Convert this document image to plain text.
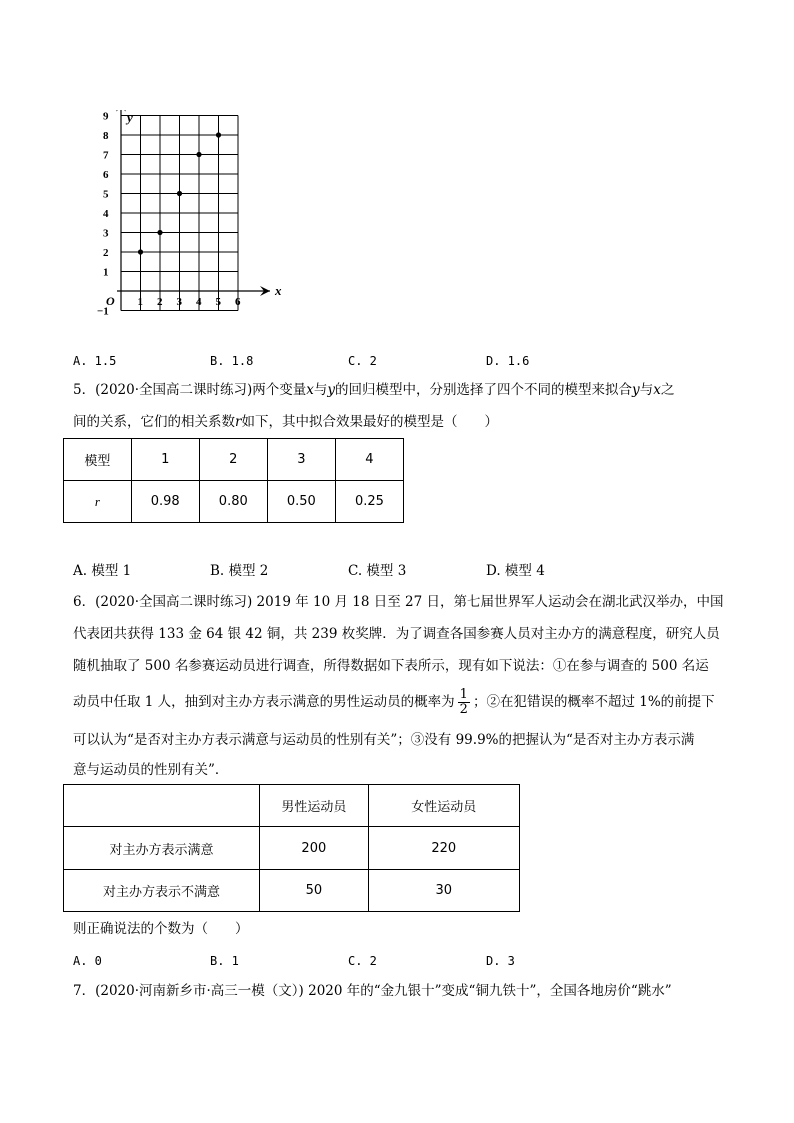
1 2 3 4 5 6
−1
1
2
3
4
5
6
7
8
9
x
y
O
A. 1.5	B. 1.8	C. 2	D. 1.6
5．(2020·全国高二课时练习)两个变量x与y的回归模型中，分别选择了四个不同的模型来拟合y与x之
间的关系，它们的相关系数r如下，其中拟合效果最好的模型是（　　）
模型	1	2	3	4
r	0.98	0.80	0.50	0.25
A. 模型 1	B. 模型 2	C. 模型 3	D. 模型 4
6．(2020·全国高二课时练习) 2019 年 10 月 18 日至 27 日，第七届世界军人运动会在湖北武汉举办，中国
代表团共获得 133 金 64 银 42 铜，共 239 枚奖牌．为了调查各国参赛人员对主办方的满意程度，研究人员
随机抽取了 500 名参赛运动员进行调查，所得数据如下表所示，现有如下说法：①在参与调查的 500 名运
动员中任取 1 人，抽到对主办方表示满意的男性运动员的概率为 $\frac{1}{2}$ ；②在犯错误的概率不超过 1%的前提下
可以认为“是否对主办方表示满意与运动员的性别有关”；③没有 99.9%的把握认为“是否对主办方表示满
意与运动员的性别有关”．
	男性运动员	女性运动员
对主办方表示满意	200	220
对主办方表示不满意	50	30
则正确说法的个数为（　　）
A. 0	B. 1	C. 2	D. 3
7．(2020·河南新乡市·高三一模（文）) 2020 年的“金九银十”变成“铜九铁十”，全国各地房价“跳水”
